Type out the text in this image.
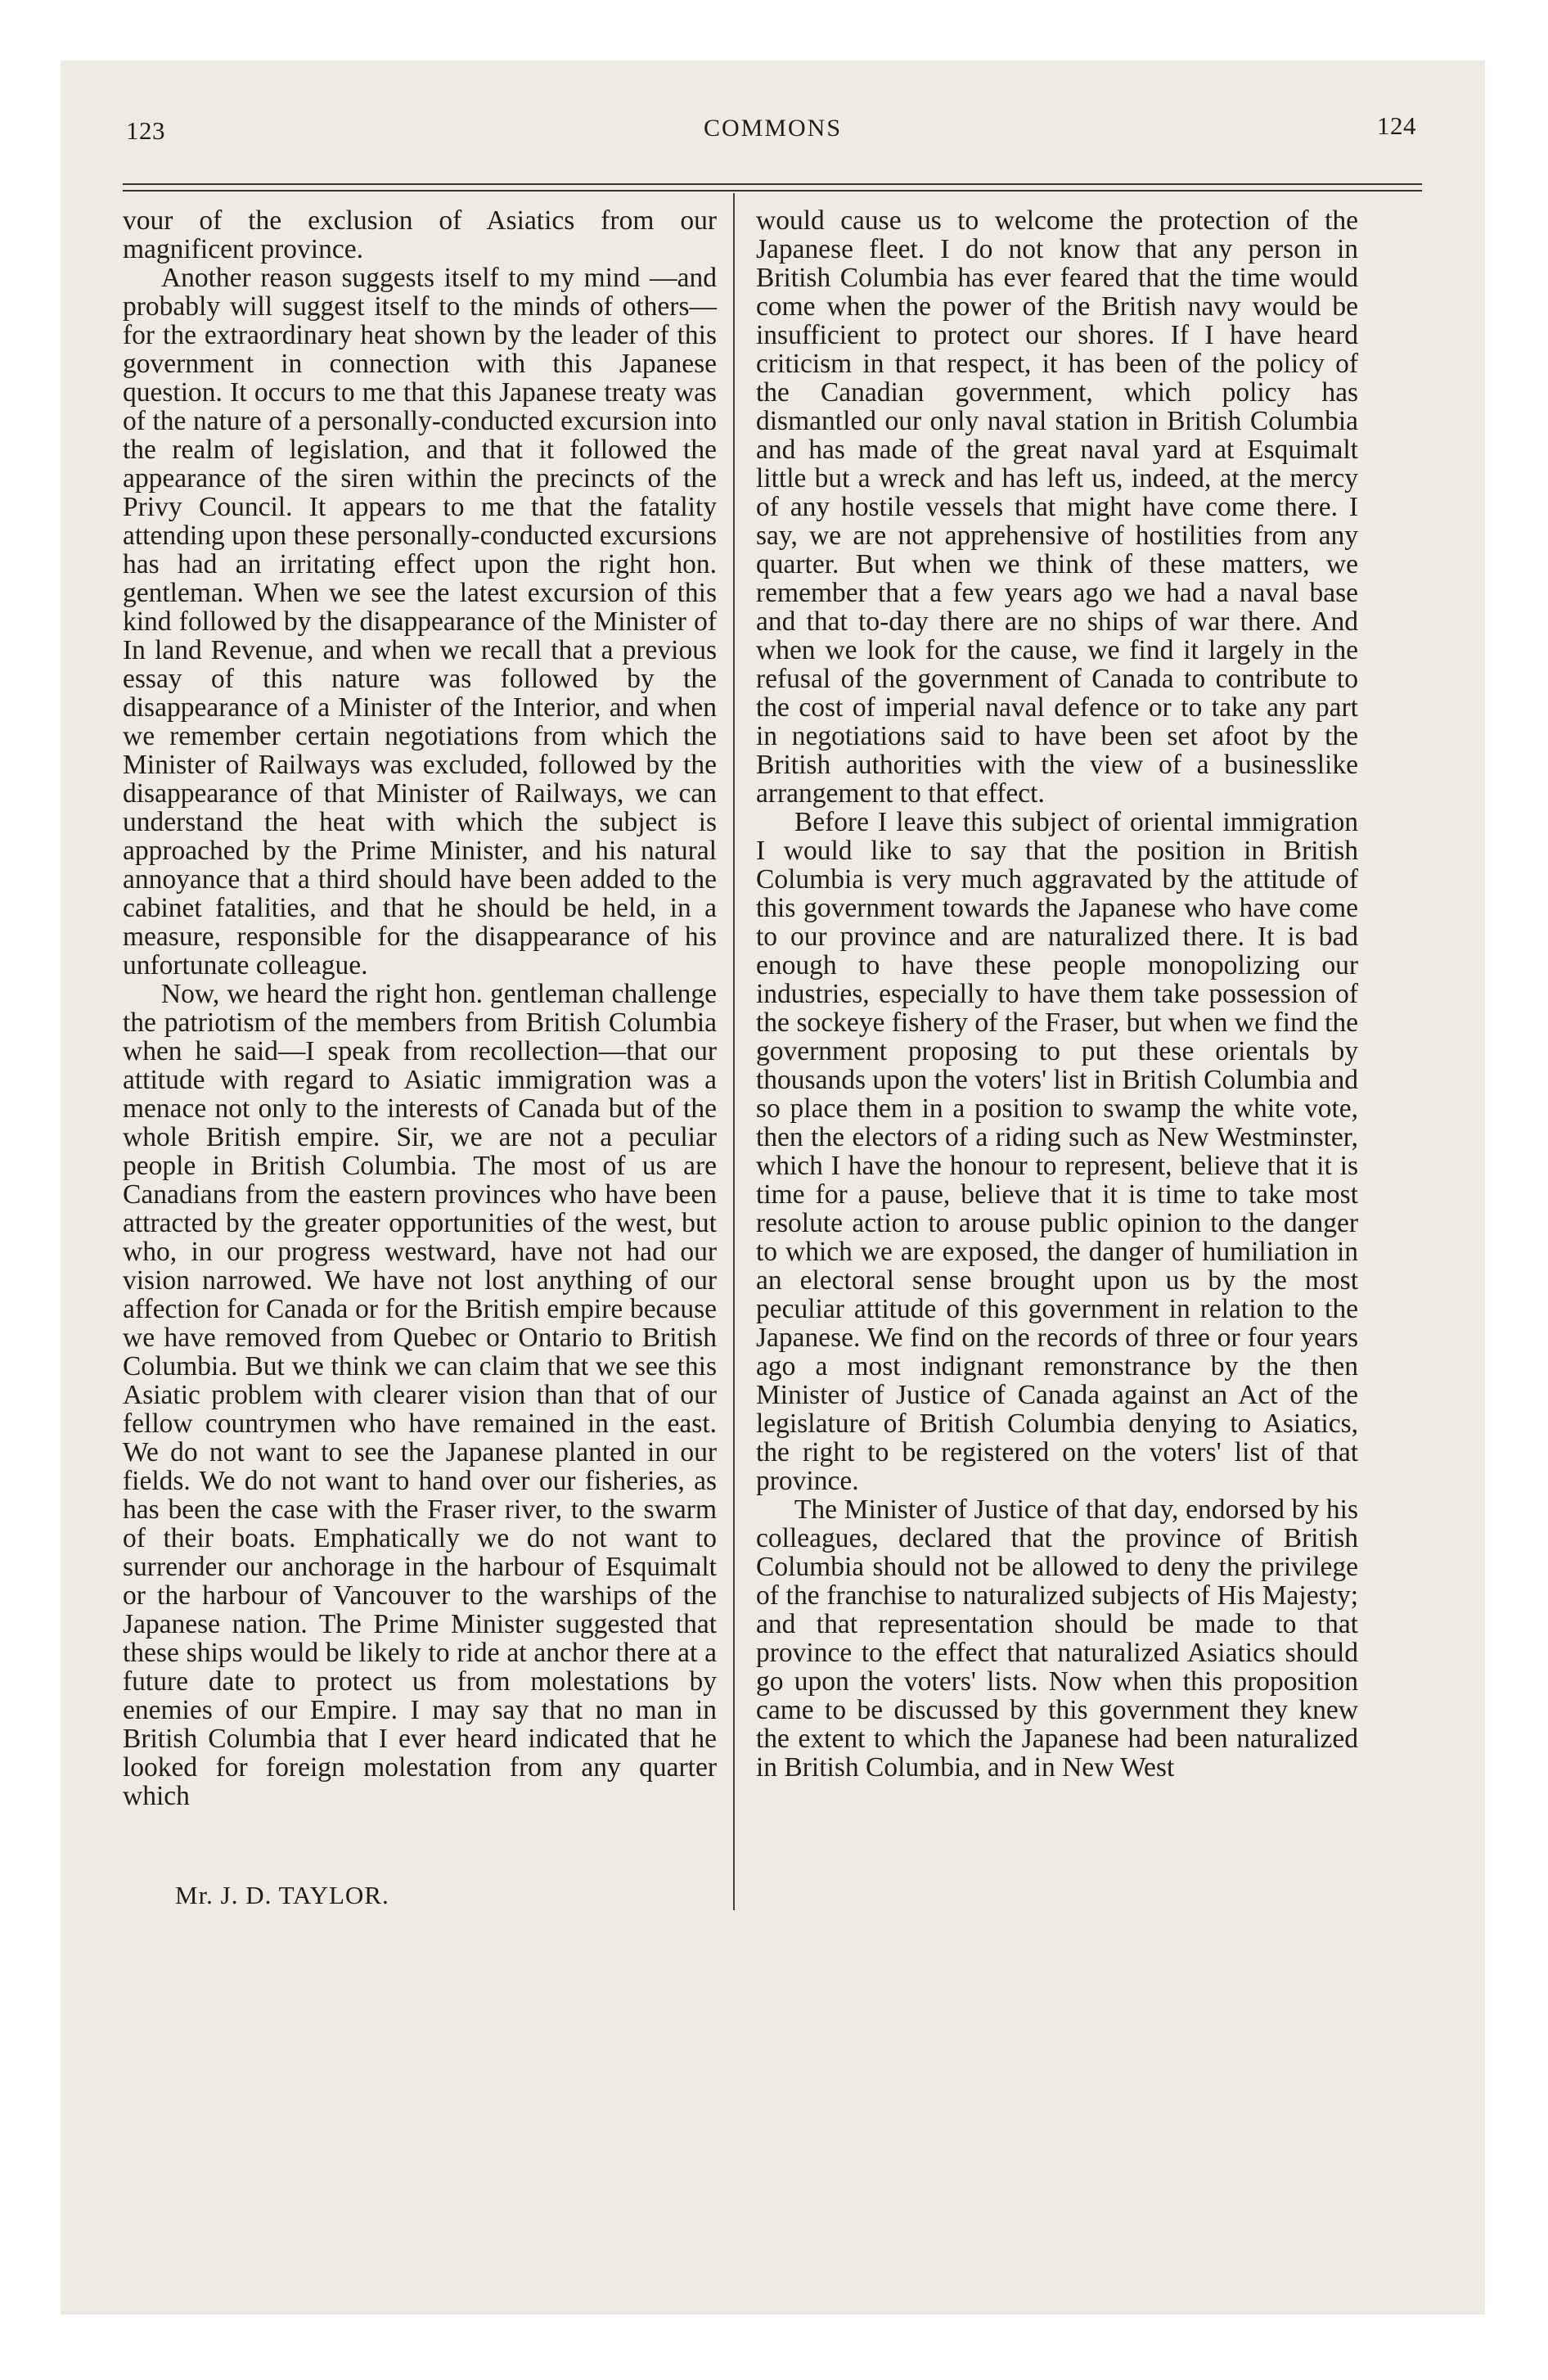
123	COMMONS	124

vour of the exclusion of Asiatics from our magnificent province.

Another reason suggests itself to my mind —and probably will suggest itself to the minds of others—for the extraordinary heat shown by the leader of this government in connection with this Japanese question. It occurs to me that this Japanese treaty was of the nature of a personally-conducted excursion into the realm of legislation, and that it followed the appearance of the siren within the precincts of the Privy Council. It appears to me that the fatality attending upon these personally-conducted excursions has had an irritating effect upon the right hon. gentleman. When we see the latest excursion of this kind followed by the disappearance of the Minister of In land Revenue, and when we recall that a previous essay of this nature was followed by the disappearance of a Minister of the Interior, and when we remember certain negotiations from which the Minister of Railways was excluded, followed by the disappearance of that Minister of Railways, we can understand the heat with which the subject is approached by the Prime Minister, and his natural annoyance that a third should have been added to the cabinet fatalities, and that he should be held, in a measure, responsible for the disappearance of his unfortunate colleague.

Now, we heard the right hon. gentleman challenge the patriotism of the members from British Columbia when he said—I speak from recollection—that our attitude with regard to Asiatic immigration was a menace not only to the interests of Canada but of the whole British empire. Sir, we are not a peculiar people in British Columbia. The most of us are Canadians from the eastern provinces who have been attracted by the greater opportunities of the west, but who, in our progress westward, have not had our vision narrowed. We have not lost anything of our affection for Canada or for the British empire because we have removed from Quebec or Ontario to British Columbia. But we think we can claim that we see this Asiatic problem with clearer vision than that of our fellow countrymen who have remained in the east. We do not want to see the Japanese planted in our fields. We do not want to hand over our fisheries, as has been the case with the Fraser river, to the swarm of their boats. Emphatically we do not want to surrender our anchorage in the harbour of Esquimalt or the harbour of Vancouver to the warships of the Japanese nation. The Prime Minister suggested that these ships would be likely to ride at anchor there at a future date to protect us from molestations by enemies of our Empire. I may say that no man in British Columbia that I ever heard indicated that he looked for foreign molestation from any quarter which

Mr. J. D. TAYLOR.

would cause us to welcome the protection of the Japanese fleet. I do not know that any person in British Columbia has ever feared that the time would come when the power of the British navy would be insufficient to protect our shores. If I have heard criticism in that respect, it has been of the policy of the Canadian government, which policy has dismantled our only naval station in British Columbia and has made of the great naval yard at Esquimalt little but a wreck and has left us, indeed, at the mercy of any hostile vessels that might have come there. I say, we are not apprehensive of hostilities from any quarter. But when we think of these matters, we remember that a few years ago we had a naval base and that to-day there are no ships of war there. And when we look for the cause, we find it largely in the refusal of the government of Canada to contribute to the cost of imperial naval defence or to take any part in negotiations said to have been set afoot by the British authorities with the view of a businesslike arrangement to that effect.

Before I leave this subject of oriental immigration I would like to say that the position in British Columbia is very much aggravated by the attitude of this government towards the Japanese who have come to our province and are naturalized there. It is bad enough to have these people monopolizing our industries, especially to have them take possession of the sockeye fishery of the Fraser, but when we find the government proposing to put these orientals by thousands upon the voters' list in British Columbia and so place them in a position to swamp the white vote, then the electors of a riding such as New Westminster, which I have the honour to represent, believe that it is time for a pause, believe that it is time to take most resolute action to arouse public opinion to the danger to which we are exposed, the danger of humiliation in an electoral sense brought upon us by the most peculiar attitude of this government in relation to the Japanese. We find on the records of three or four years ago a most indignant remonstrance by the then Minister of Justice of Canada against an Act of the legislature of British Columbia denying to Asiatics, the right to be registered on the voters' list of that province.

The Minister of Justice of that day, endorsed by his colleagues, declared that the province of British Columbia should not be allowed to deny the privilege of the franchise to naturalized subjects of His Majesty; and that representation should be made to that province to the effect that naturalized Asiatics should go upon the voters' lists. Now when this proposition came to be discussed by this government they knew the extent to which the Japanese had been naturalized in British Columbia, and in New West
